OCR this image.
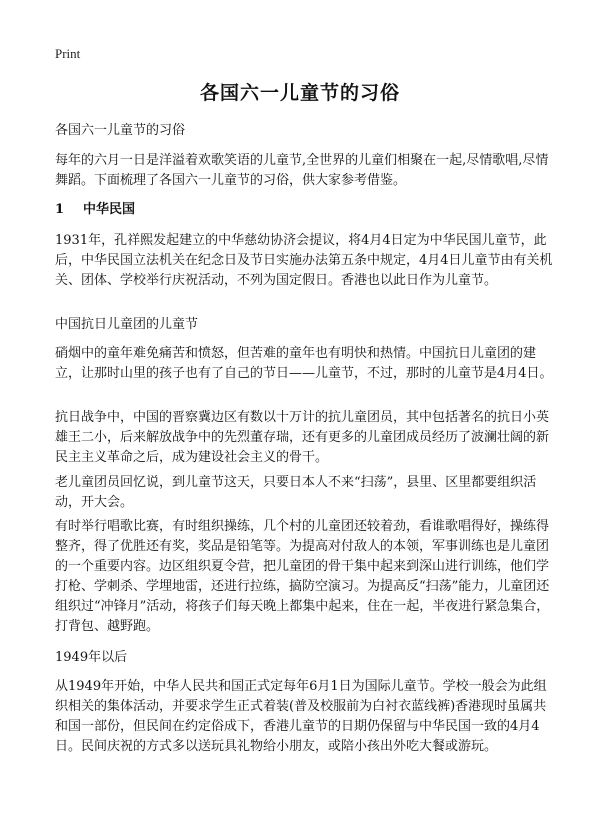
Print
各国六一儿童节的习俗
各国六一儿童节的习俗
每年的六月一日是洋溢着欢歌笑语的儿童节,全世界的儿童们相聚在一起,尽情歌唱,尽情舞蹈。下面梳理了各国六一儿童节的习俗，供大家参考借鉴。
1 中华民国
1931年，孔祥熙发起建立的中华慈幼协济会提议，将4月4日定为中华民国儿童节，此后，中华民国立法机关在纪念日及节日实施办法第五条中规定，4月4日儿童节由有关机关、团体、学校举行庆祝活动，不列为国定假日。香港也以此日作为儿童节。
中国抗日儿童团的儿童节
硝烟中的童年难免痛苦和愤怒，但苦难的童年也有明快和热情。中国抗日儿童团的建立，让那时山里的孩子也有了自己的节日——儿童节，不过，那时的儿童节是4月4日。
抗日战争中，中国的晋察冀边区有数以十万计的抗儿童团员，其中包括著名的抗日小英雄王二小，后来解放战争中的先烈董存瑞，还有更多的儿童团成员经历了波澜壮阔的新民主主义革命之后，成为建设社会主义的骨干。
老儿童团员回忆说，到儿童节这天，只要日本人不来“扫荡”，县里、区里都要组织活动，开大会。
有时举行唱歌比赛，有时组织操练，几个村的儿童团还较着劲，看谁歌唱得好，操练得整齐，得了优胜还有奖，奖品是铅笔等。为提高对付敌人的本领，军事训练也是儿童团的一个重要内容。边区组织夏令营，把儿童团的骨干集中起来到深山进行训练，他们学打枪、学刺杀、学埋地雷，还进行拉练，搞防空演习。为提高反“扫荡”能力，儿童团还组织过“冲锋月”活动，将孩子们每天晚上都集中起来，住在一起，半夜进行紧急集合，打背包、越野跑。
1949年以后
从1949年开始，中华人民共和国正式定每年6月1日为国际儿童节。学校一般会为此组织相关的集体活动，并要求学生正式着装(普及校服前为白衬衣蓝线裤)香港现时虽属共和国一部份，但民间在约定俗成下，香港儿童节的日期仍保留与中华民国一致的4月4日。民间庆祝的方式多以送玩具礼物给小朋友，或陪小孩出外吃大餐或游玩。
